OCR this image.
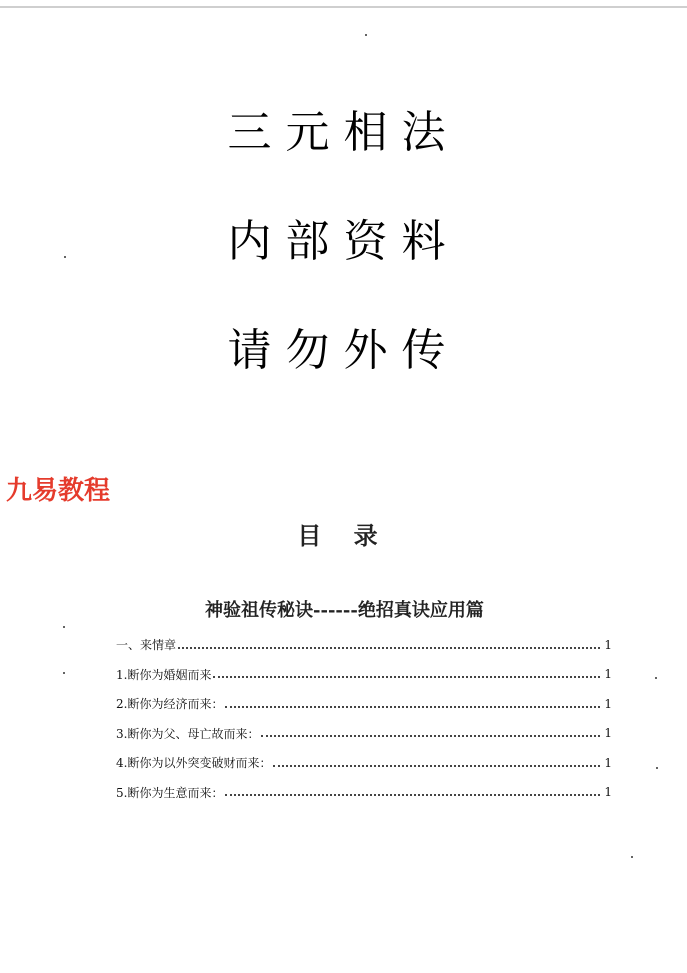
三元相法
内部资料
请勿外传
九易教程
目 录
神验祖传秘诀------绝招真诀应用篇
一、来情章	1
1.断你为婚姻而来	1
2.断你为经济而来：	1
3.断你为父、母亡故而来：	1
4.断你为以外突变破财而来：	1
5.断你为生意而来：	1
